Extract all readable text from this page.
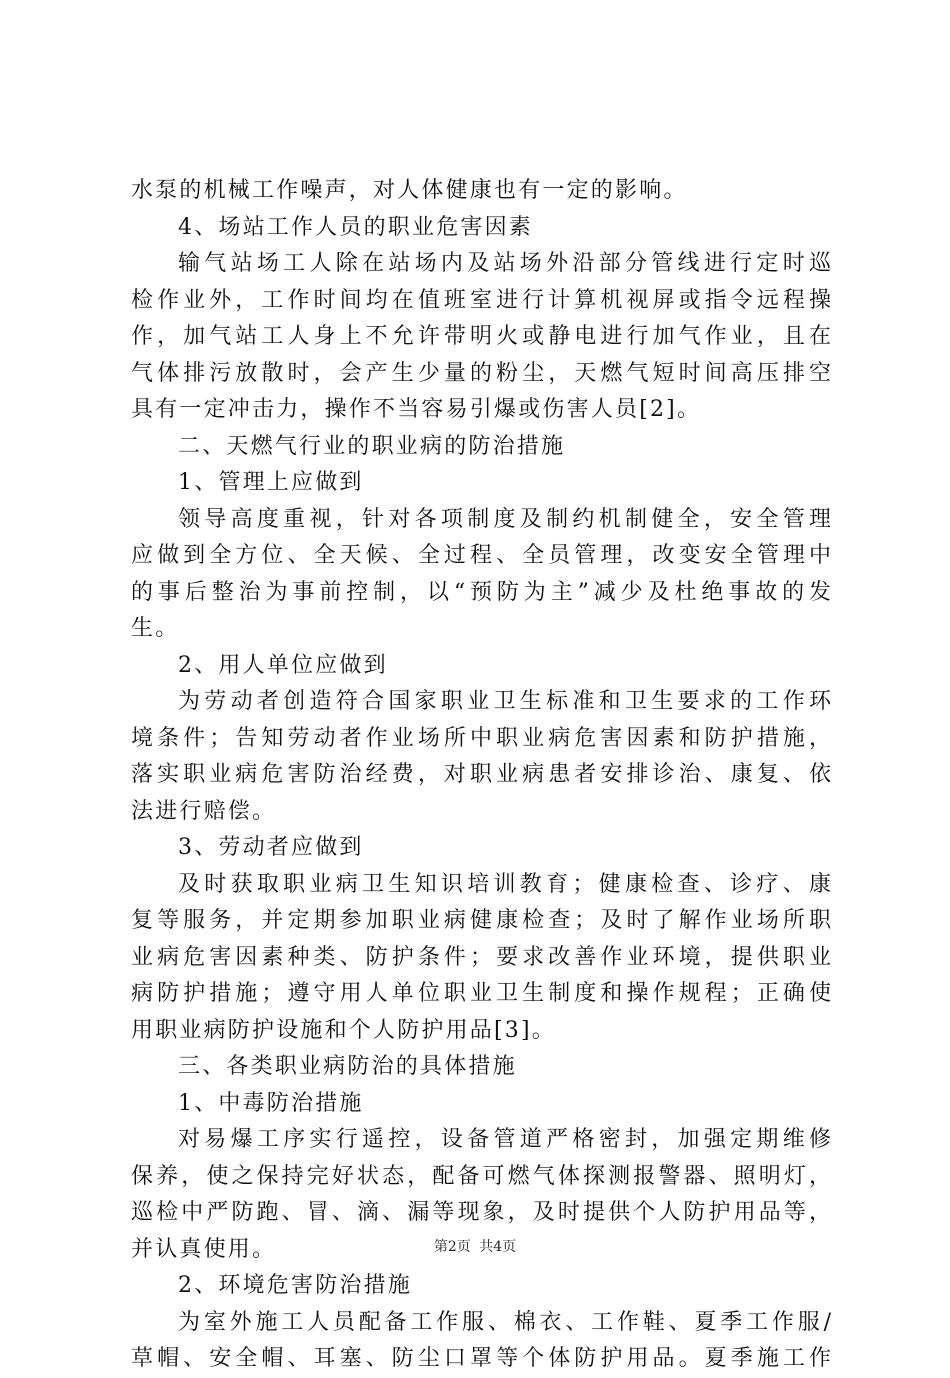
水泵的机械工作噪声，对人体健康也有一定的影响。
4、场站工作人员的职业危害因素
输气站场工人除在站场内及站场外沿部分管线进行定时巡
检作业外，工作时间均在值班室进行计算机视屏或指令远程操
作，加气站工人身上不允许带明火或静电进行加气作业，且在
气体排污放散时，会产生少量的粉尘，天燃气短时间高压排空
具有一定冲击力，操作不当容易引爆或伤害人员[2]。
二、天燃气行业的职业病的防治措施
1、管理上应做到
领导高度重视，针对各项制度及制约机制健全，安全管理
应做到全方位、全天候、全过程、全员管理，改变安全管理中
的事后整治为事前控制，以“预防为主”减少及杜绝事故的发
生。
2、用人单位应做到
为劳动者创造符合国家职业卫生标准和卫生要求的工作环
境条件；告知劳动者作业场所中职业病危害因素和防护措施，
落实职业病危害防治经费，对职业病患者安排诊治、康复、依
法进行赔偿。
3、劳动者应做到
及时获取职业病卫生知识培训教育；健康检查、诊疗、康
复等服务，并定期参加职业病健康检查；及时了解作业场所职
业病危害因素种类、防护条件；要求改善作业环境，提供职业
病防护措施；遵守用人单位职业卫生制度和操作规程；正确使
用职业病防护设施和个人防护用品[3]。
三、各类职业病防治的具体措施
1、中毒防治措施
对易爆工序实行遥控，设备管道严格密封，加强定期维修
保养，使之保持完好状态，配备可燃气体探测报警器、照明灯，
巡检中严防跑、冒、滴、漏等现象，及时提供个人防护用品等，
并认真使用。
2、环境危害防治措施
为室外施工人员配备工作服、棉衣、工作鞋、夏季工作服/
草帽、安全帽、耳塞、防尘口罩等个体防护用品。夏季施工作
第2页 共4页
